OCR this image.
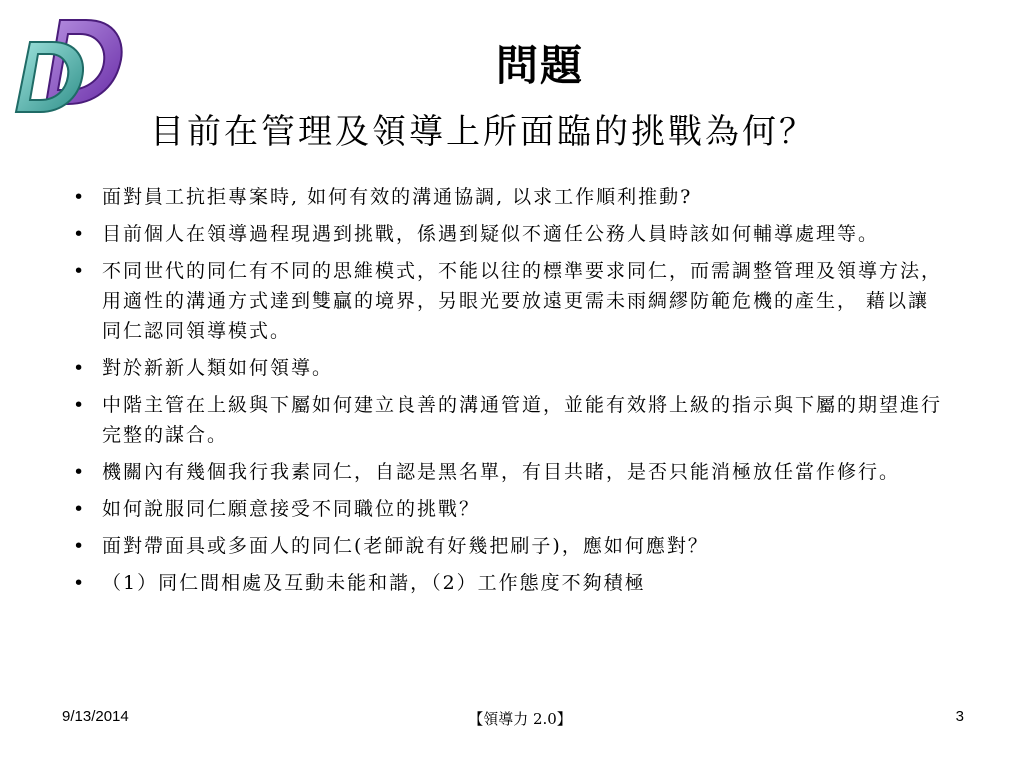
問題
目前在管理及領導上所面臨的挑戰為何？
• 面對員工抗拒專案時, 如何有效的溝通協調, 以求工作順利推動?
• 目前個人在領導過程現遇到挑戰，係遇到疑似不適任公務人員時該如何輔導處理等。
• 不同世代的同仁有不同的思維模式，不能以往的標準要求同仁，而需調整管理及領導方法，用適性的溝通方式達到雙贏的境界，另眼光要放遠更需未雨綢繆防範危機的產生， 藉以讓同仁認同領導模式。
• 對於新新人類如何領導。
• 中階主管在上級與下屬如何建立良善的溝通管道，並能有效將上級的指示與下屬的期望進行完整的謀合。
• 機關內有幾個我行我素同仁，自認是黑名單，有目共睹，是否只能消極放任當作修行。
• 如何說服同仁願意接受不同職位的挑戰？
• 面對帶面具或多面人的同仁(老師說有好幾把刷子)，應如何應對？
• （1）同仁間相處及互動未能和諧，（2）工作態度不夠積極
9/13/2014	【領導力 2.0】	3
